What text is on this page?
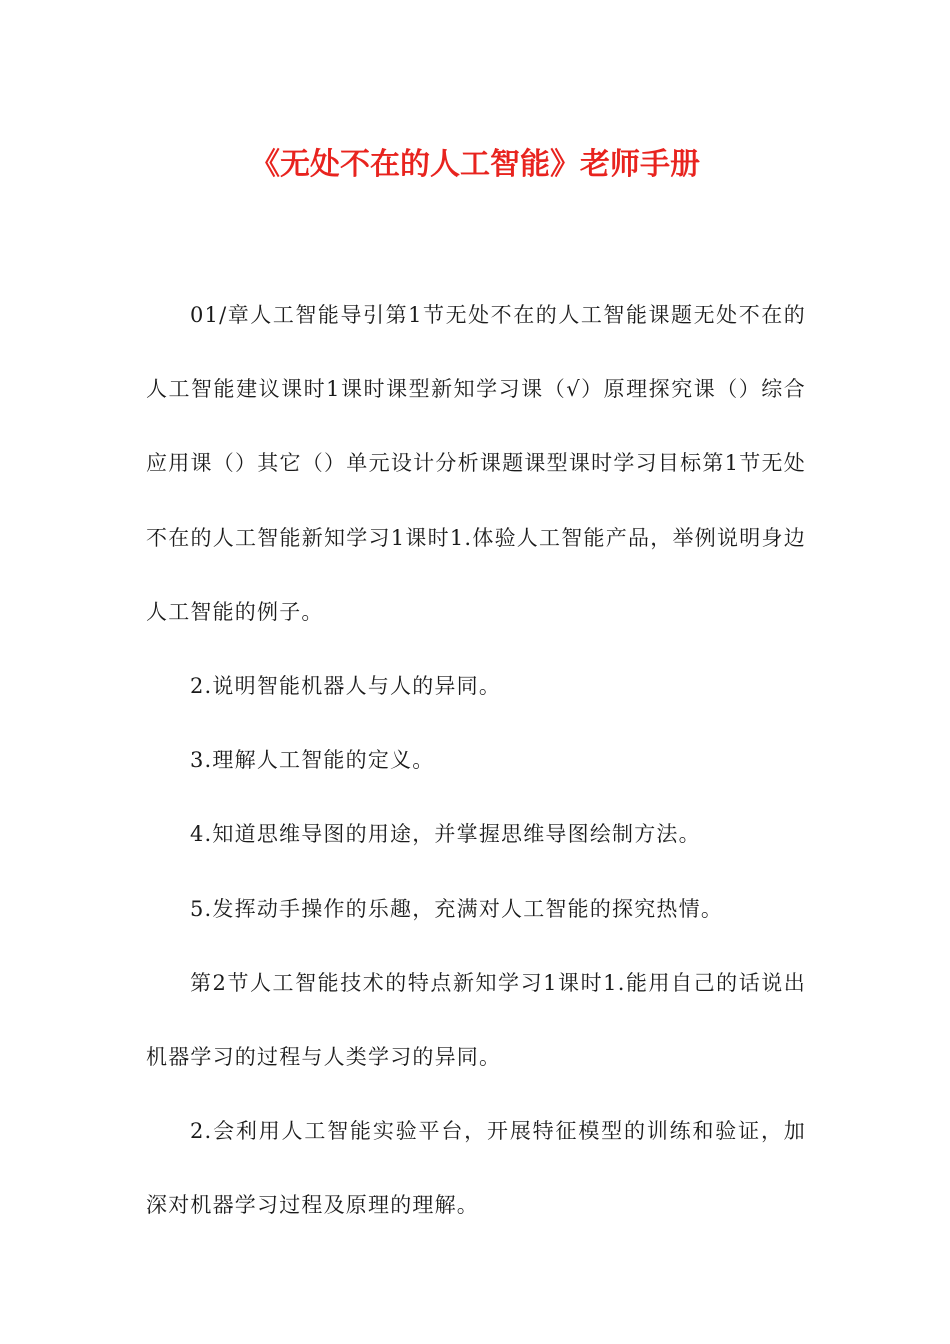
《无处不在的人工智能》老师手册

01/章人工智能导引第1节无处不在的人工智能课题无处不在的人工智能建议课时1课时课型新知学习课（√）原理探究课（）综合应用课（）其它（）单元设计分析课题课型课时学习目标第1节无处不在的人工智能新知学习1课时1.体验人工智能产品，举例说明身边人工智能的例子。

2.说明智能机器人与人的异同。

3.理解人工智能的定义。

4.知道思维导图的用途，并掌握思维导图绘制方法。

5.发挥动手操作的乐趣，充满对人工智能的探究热情。

第2节人工智能技术的特点新知学习1课时1.能用自己的话说出机器学习的过程与人类学习的异同。

2.会利用人工智能实验平台，开展特征模型的训练和验证，加深对机器学习过程及原理的理解。
